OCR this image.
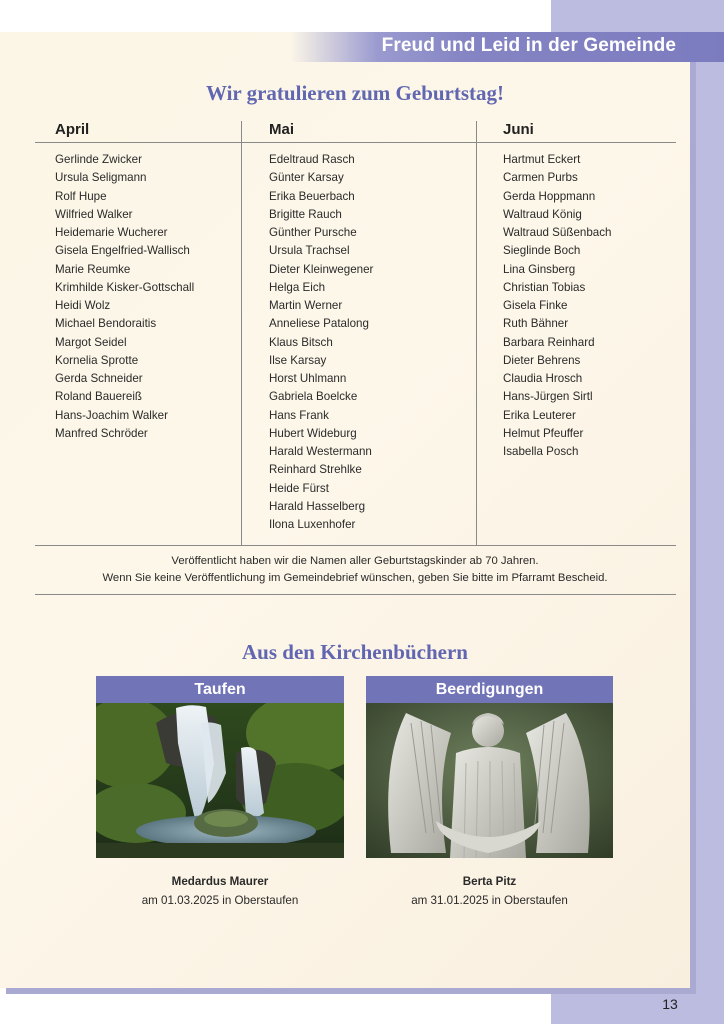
Freud und Leid in der Gemeinde
Wir gratulieren zum Geburtstag!
April
Gerlinde Zwicker
Ursula Seligmann
Rolf Hupe
Wilfried Walker
Heidemarie Wucherer
Gisela Engelfried-Wallisch
Marie Reumke
Krimhilde Kisker-Gottschall
Heidi Wolz
Michael Bendoraitis
Margot Seidel
Kornelia Sprotte
Gerda Schneider
Roland Bauereiß
Hans-Joachim Walker
Manfred Schröder
Mai
Edeltraud Rasch
Günter Karsay
Erika Beuerbach
Brigitte Rauch
Günther Pursche
Ursula Trachsel
Dieter Kleinwegener
Helga Eich
Martin Werner
Anneliese Patalong
Klaus Bitsch
Ilse Karsay
Horst Uhlmann
Gabriela Boelcke
Hans Frank
Hubert Wideburg
Harald Westermann
Reinhard Strehlke
Heide Fürst
Harald Hasselberg
Ilona Luxenhofer
Juni
Hartmut Eckert
Carmen Purbs
Gerda Hoppmann
Waltraud König
Waltraud Süßenbach
Sieglinde Boch
Lina Ginsberg
Christian Tobias
Gisela Finke
Ruth Bähner
Barbara Reinhard
Dieter Behrens
Claudia Hrosch
Hans-Jürgen Sirtl
Erika Leuterer
Helmut Pfeuffer
Isabella Posch
Veröffentlicht haben wir die Namen aller Geburtstagskinder ab 70 Jahren.
Wenn Sie keine Veröffentlichung im Gemeindebrief wünschen, geben Sie bitte im Pfarramt Bescheid.
Aus den Kirchenbüchern
Taufen	Beerdigungen
Medardus Maurer
am 01.03.2025 in Oberstaufen
Berta Pitz
am 31.01.2025 in Oberstaufen
13
